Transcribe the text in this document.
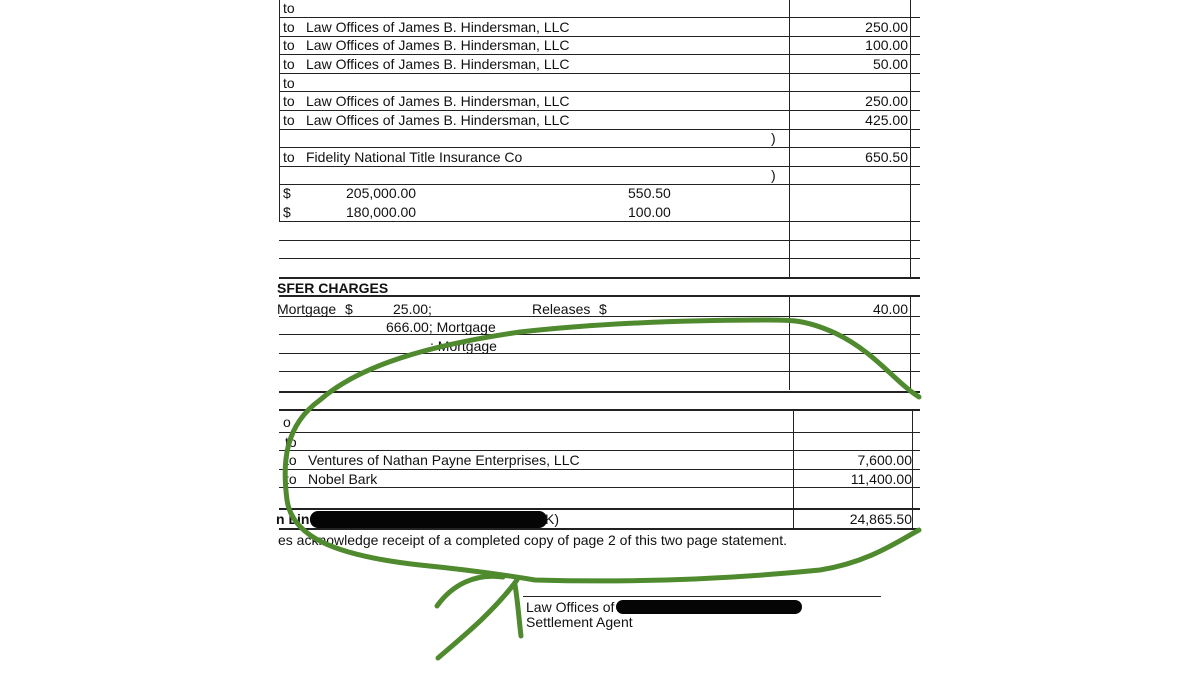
to
to Law Offices of James B. Hindersman, LLC	250.00
to Law Offices of James B. Hindersman, LLC	100.00
to Law Offices of James B. Hindersman, LLC	50.00
to
to Law Offices of James B. Hindersman, LLC	250.00
to Law Offices of James B. Hindersman, LLC	425.00
)
to Fidelity National Title Insurance Co	650.50
)
$	205,000.00	550.50
$	180,000.00	100.00
SFER CHARGES
Mortgage $	25.00;	Releases $	40.00
666.00; Mortgage
: Mortgage
o
to
to Ventures of Nathan Payne Enterprises, LLC	7,600.00
to Nobel Bark	11,400.00
n Lin	K)	24,865.50
es acknowledge receipt of a completed copy of page 2 of this two page statement.
Law Offices of
Settlement Agent
